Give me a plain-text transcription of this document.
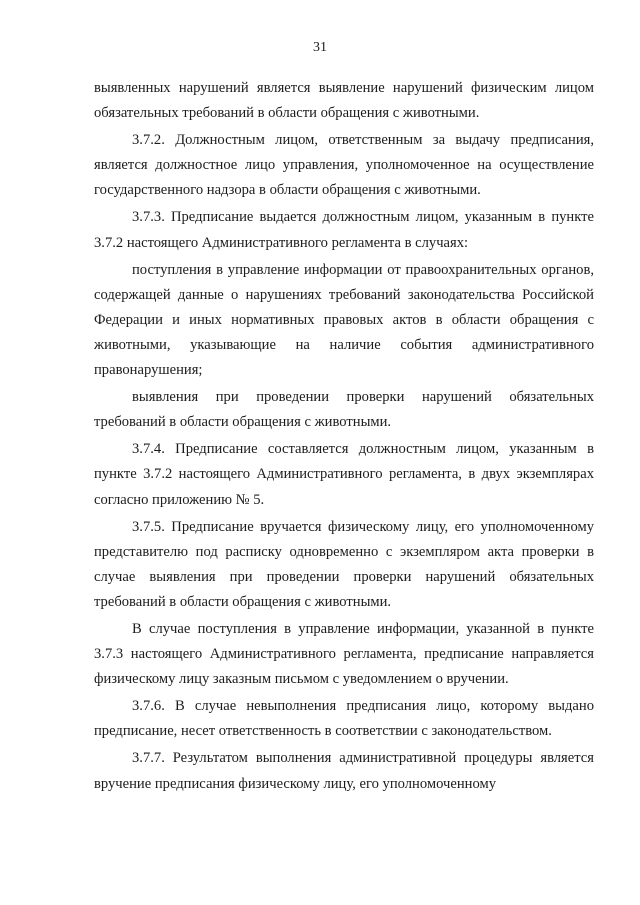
31

выявленных нарушений является выявление нарушений физическим лицом обязательных требований в области обращения с животными.

3.7.2. Должностным лицом, ответственным за выдачу предписания, является должностное лицо управления, уполномоченное на осуществление государственного надзора в области обращения с животными.

3.7.3. Предписание выдается должностным лицом, указанным в пункте 3.7.2 настоящего Административного регламента в случаях:

поступления в управление информации от правоохранительных органов, содержащей данные о нарушениях требований законодательства Российской Федерации и иных нормативных правовых актов в области обращения с животными, указывающие на наличие события административного правонарушения;

выявления при проведении проверки нарушений обязательных требований в области обращения с животными.

3.7.4. Предписание составляется должностным лицом, указанным в пункте 3.7.2 настоящего Административного регламента, в двух экземплярах согласно приложению № 5.

3.7.5. Предписание вручается физическому лицу, его уполномоченному представителю под расписку одновременно с экземпляром акта проверки в случае выявления при проведении проверки нарушений обязательных требований в области обращения с животными.

В случае поступления в управление информации, указанной в пункте 3.7.3 настоящего Административного регламента, предписание направляется физическому лицу заказным письмом с уведомлением о вручении.

3.7.6. В случае невыполнения предписания лицо, которому выдано предписание, несет ответственность в соответствии с законодательством.

3.7.7. Результатом выполнения административной процедуры является вручение предписания физическому лицу, его уполномоченному
